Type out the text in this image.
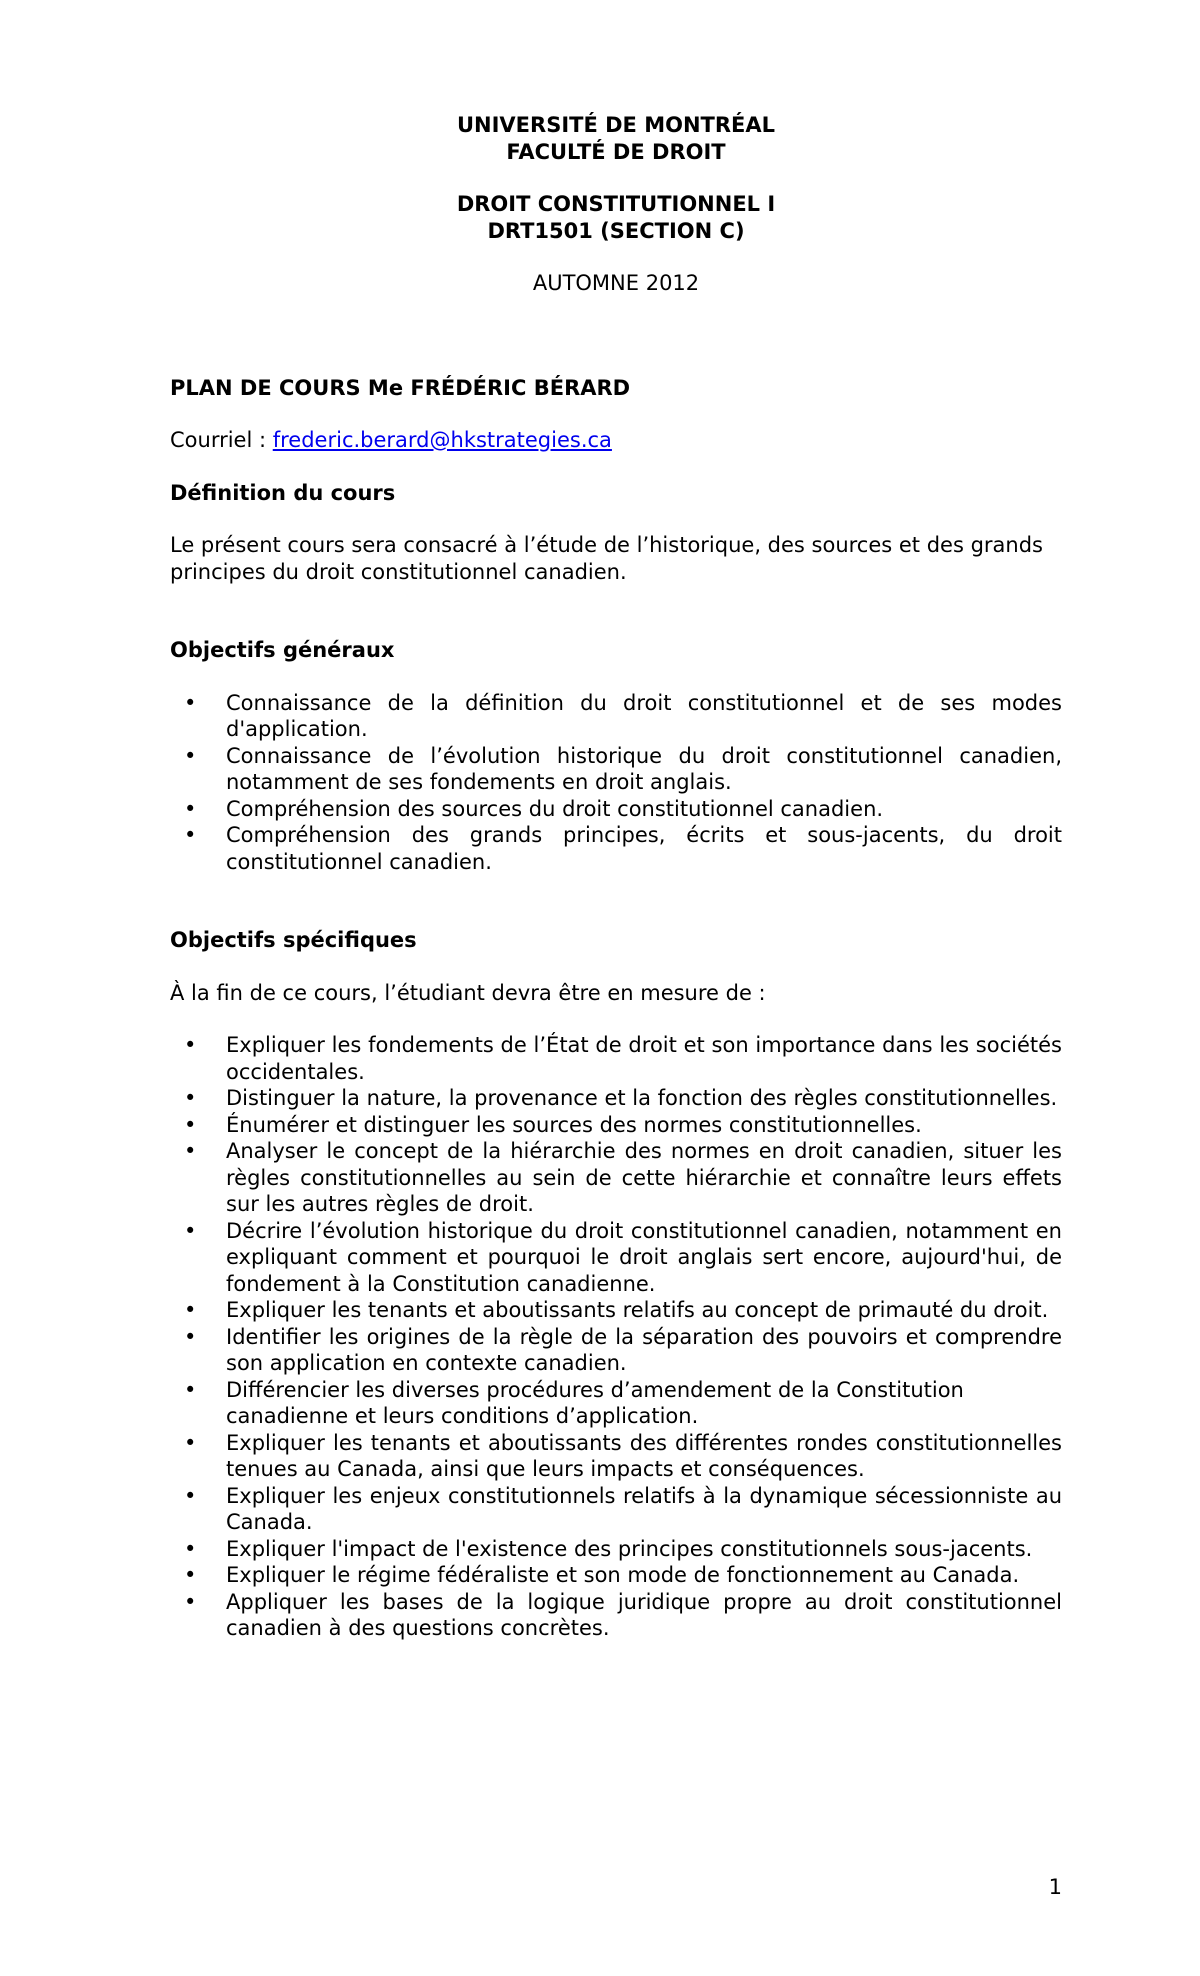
UNIVERSITÉ DE MONTRÉAL
FACULTÉ DE DROIT
DROIT CONSTITUTIONNEL I
DRT1501 (SECTION C)
AUTOMNE 2012
PLAN DE COURS Me FRÉDÉRIC BÉRARD

Courriel : frederic.berard@hkstrategies.ca

Définition du cours

Le présent cours sera consacré à l’étude de l’historique, des sources et des grands principes du droit constitutionnel canadien.

Objectifs généraux
• Connaissance de la définition du droit constitutionnel et de ses modes d'application.
• Connaissance de l’évolution historique du droit constitutionnel canadien, notamment de ses fondements en droit anglais.
• Compréhension des sources du droit constitutionnel canadien.
• Compréhension des grands principes, écrits et sous-jacents, du droit constitutionnel canadien.
Objectifs spécifiques

À la fin de ce cours, l’étudiant devra être en mesure de :

• Expliquer les fondements de l’État de droit et son importance dans les sociétés occidentales.
• Distinguer la nature, la provenance et la fonction des règles constitutionnelles.
• Énumérer et distinguer les sources des normes constitutionnelles.
• Analyser le concept de la hiérarchie des normes en droit canadien, situer les règles constitutionnelles au sein de cette hiérarchie et connaître leurs effets sur les autres règles de droit.
• Décrire l’évolution historique du droit constitutionnel canadien, notamment en expliquant comment et pourquoi le droit anglais sert encore, aujourd'hui, de fondement à la Constitution canadienne.
• Expliquer les tenants et aboutissants relatifs au concept de primauté du droit.
• Identifier les origines de la règle de la séparation des pouvoirs et comprendre son application en contexte canadien.
• Différencier les diverses procédures d’amendement de la Constitution   canadienne et leurs conditions d’application.
• Expliquer les tenants et aboutissants des différentes rondes constitutionnelles tenues au Canada, ainsi que leurs impacts et conséquences.
• Expliquer les enjeux constitutionnels relatifs à la dynamique sécessionniste au Canada.
• Expliquer l'impact de l'existence des principes constitutionnels sous-jacents.
• Expliquer le régime fédéraliste et son mode de fonctionnement au Canada.
• Appliquer les bases de la logique juridique propre au droit constitutionnel canadien à des questions concrètes.
1
